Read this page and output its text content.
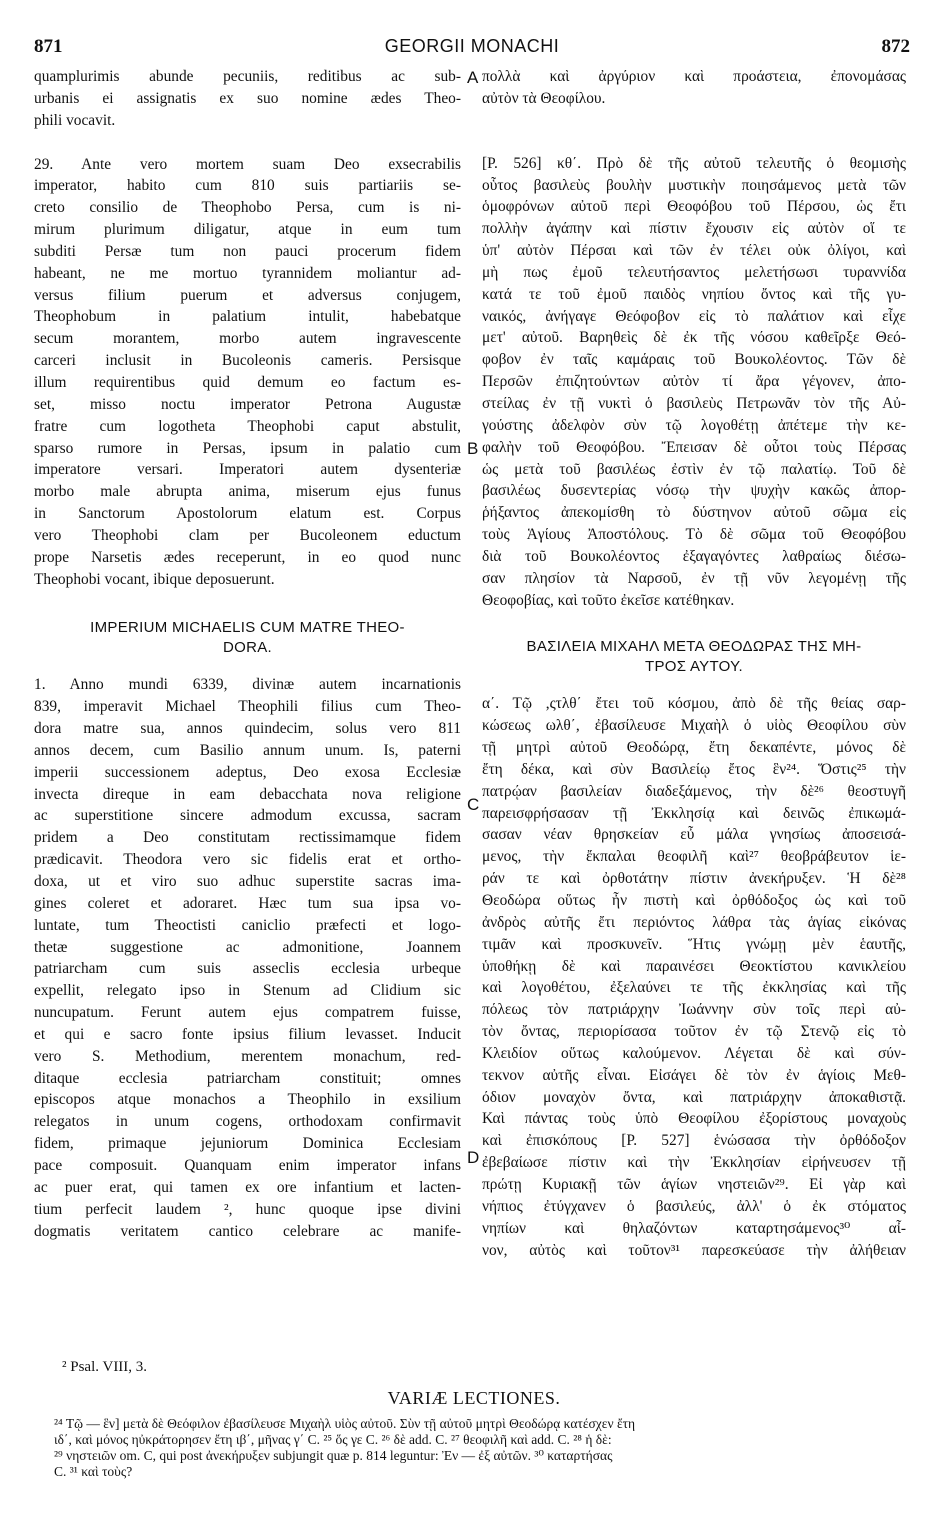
871	GEORGII MONACHI	872
A
B
C
D
quamplurimis abunde pecuniis, reditibus ac sub-
urbanis ei assignatis ex suo nomine ædes Theo-
phili vocavit.
29. Ante vero mortem suam Deo exsecrabilis
imperator, habito cum 810 suis partiariis se-
creto consilio de Theophobo Persa, cum is ni-
mirum plurimum diligatur, atque in eum tum
subditi Persæ tum non pauci procerum fidem
habeant, ne me mortuo tyrannidem moliantur ad-
versus filium puerum et adversus conjugem,
Theophobum in palatium intulit, habebatque
secum morantem, morbo autem ingravescente
carceri inclusit in Bucoleonis cameris. Persisque
illum requirentibus quid demum eo factum es-
set, misso noctu imperator Petrona Augustæ
fratre cum logotheta Theophobi caput abstulit,
sparso rumore in Persas, ipsum in palatio cum
imperatore versari. Imperatori autem dysenteriæ
morbo male abrupta anima, miserum ejus funus
in Sanctorum Apostolorum elatum est. Corpus
vero Theophobi clam per Bucoleonem eductum
prope Narsetis ædes receperunt, in eo quod nunc
Theophobi vocant, ibique deposuerunt.
IMPERIUM MICHAELIS CUM MATRE THEO-
DORA.
1. Anno mundi 6339, divinæ autem incarnationis
839, imperavit Michael Theophili filius cum Theo-
dora matre sua, annos quindecim, solus vero 811
annos decem, cum Basilio annum unum. Is, paterni
imperii successionem adeptus, Deo exosa Ecclesiæ
invecta direque in eam debacchata nova religione
ac superstitione sincere admodum excussa, sacram
pridem a Deo constitutam rectissimamque fidem
prædicavit. Theodora vero sic fidelis erat et ortho-
doxa, ut et viro suo adhuc superstite sacras ima-
gines coleret et adoraret. Hæc tum sua ipsa vo-
luntate, tum Theoctisti caniclio præfecti et logo-
thetæ suggestione ac admonitione, Joannem
patriarcham cum suis asseclis ecclesia urbeque
expellit, relegato ipso in Stenum ad Clidium sic
nuncupatum. Ferunt autem ejus compatrem fuisse,
et qui e sacro fonte ipsius filium levasset. Inducit
vero S. Methodium, merentem monachum, red-
ditaque ecclesia patriarcham constituit; omnes
episcopos atque monachos a Theophilo in exsilium
relegatos in unum cogens, orthodoxam confirmavit
fidem, primaque jejuniorum Dominica Ecclesiam
pace composuit. Quanquam enim imperator infans
ac puer erat, qui tamen ex ore infantium et lacten-
tium perfecit laudem ², hunc quoque ipse divini
dogmatis veritatem cantico celebrare ac manife-
πολλὰ καὶ ἀργύριον καὶ προάστεια, ἐπονομάσας
αὐτὸν τὰ Θεοφίλου.
[P. 526] κθ΄. Πρὸ δὲ τῆς αὐτοῦ τελευτῆς ὁ θεομισὴς
οὗτος βασιλεὺς βουλὴν μυστικὴν ποιησάμενος μετὰ τῶν
ὁμοφρόνων αὐτοῦ περὶ Θεοφόβου τοῦ Πέρσου, ὡς ἔτι
πολλὴν ἀγάπην καὶ πίστιν ἔχουσιν εἰς αὐτὸν οἵ τε
ὑπ' αὐτὸν Πέρσαι καὶ τῶν ἐν τέλει οὐκ ὀλίγοι, καὶ
μὴ πως ἐμοῦ τελευτήσαντος μελετήσωσι τυραννίδα
κατά τε τοῦ ἐμοῦ παιδὸς νηπίου ὄντος καὶ τῆς γυ-
ναικός, ἀνήγαγε Θεόφοβον εἰς τὸ παλάτιον καὶ εἶχε
μετ' αὐτοῦ. Βαρηθεὶς δὲ ἐκ τῆς νόσου καθεῖρξε Θεό-
φοβον ἐν ταῖς καμάραις τοῦ Βουκολέοντος. Τῶν δὲ
Περσῶν ἐπιζητούντων αὐτὸν τί ἄρα γέγονεν, ἀπο-
στείλας ἐν τῇ νυκτὶ ὁ βασιλεὺς Πετρωνᾶν τὸν τῆς Αὐ-
γούστης ἀδελφὸν σὺν τῷ λογοθέτῃ ἀπέτεμε τὴν κε-
φαλὴν τοῦ Θεοφόβου. Ἔπεισαν δὲ οὗτοι τοὺς Πέρσας
ὡς μετὰ τοῦ βασιλέως ἐστὶν ἐν τῷ παλατίῳ. Τοῦ δὲ
βασιλέως δυσεντερίας νόσῳ τὴν ψυχὴν κακῶς ἀπορ-
ῥήξαντος ἀπεκομίσθη τὸ δύστηνον αὐτοῦ σῶμα εἰς
τοὺς Ἁγίους Ἀποστόλους. Τὸ δὲ σῶμα τοῦ Θεοφόβου
διὰ τοῦ Βουκολέοντος ἐξαγαγόντες λαθραίως διέσω-
σαν πλησίον τὰ Ναρσοῦ, ἐν τῇ νῦν λεγομένῃ τῆς
Θεοφοβίας, καὶ τοῦτο ἐκεῖσε κατέθηκαν.
ΒΑΣΙΛΕΙΑ ΜΙΧΑΗΛ ΜΕΤΑ ΘΕΟΔΩΡΑΣ ΤΗΣ ΜΗ-
ΤΡΟΣ ΑΥΤΟΥ.
α΄. Τῷ ,ςτλθ΄ ἔτει τοῦ κόσμου, ἀπὸ δὲ τῆς θείας σαρ-
κώσεως ωλθ΄, ἐβασίλευσε Μιχαὴλ ὁ υἱὸς Θεοφίλου σὺν
τῇ μητρὶ αὐτοῦ Θεοδώρᾳ, ἔτη δεκαπέντε, μόνος δὲ
ἔτη δέκα, καὶ σὺν Βασιλείῳ ἔτος ἓν²⁴. Ὅστις²⁵ τὴν
πατρῴαν βασιλείαν διαδεξάμενος, τὴν δὲ²⁶ θεοστυγῆ
παρεισφρήσασαν τῇ Ἐκκλησίᾳ καὶ δεινῶς ἐπικωμά-
σασαν νέαν θρησκείαν εὖ μάλα γνησίως ἀποσεισά-
μενος, τὴν ἔκπαλαι θεοφιλῆ καὶ²⁷ θεοβράβευτον ἱε-
ράν τε καὶ ὀρθοτάτην πίστιν ἀνεκήρυξεν. Ἡ δὲ²⁸
Θεοδώρα οὕτως ἦν πιστὴ καὶ ὀρθόδοξος ὡς καὶ τοῦ
ἀνδρὸς αὐτῆς ἔτι περιόντος λάθρα τὰς ἁγίας εἰκόνας
τιμᾶν καὶ προσκυνεῖν. Ἥτις γνώμῃ μὲν ἑαυτῆς,
ὑποθήκῃ δὲ καὶ παραινέσει Θεοκτίστου κανικλείου
καὶ λογοθέτου, ἐξελαύνει τε τῆς ἐκκλησίας καὶ τῆς
πόλεως τὸν πατριάρχην Ἰωάννην σὺν τοῖς περὶ αὐ-
τὸν ὄντας, περιορίσασα τοῦτον ἐν τῷ Στενῷ εἰς τὸ
Κλειδίον οὕτως καλούμενον. Λέγεται δὲ καὶ σύν-
τεκνον αὐτῆς εἶναι. Εἰσάγει δὲ τὸν ἐν ἁγίοις Μεθ-
όδιον μοναχὸν ὄντα, καὶ πατριάρχην ἀποκαθιστᾷ.
Καὶ πάντας τοὺς ὑπὸ Θεοφίλου ἐξορίστους μοναχοὺς
καὶ ἐπισκόπους [P. 527] ἑνώσασα τὴν ὀρθόδοξον
ἐβεβαίωσε πίστιν καὶ τὴν Ἐκκλησίαν εἰρήνευσεν τῇ
πρώτῃ Κυριακῇ τῶν ἁγίων νηστειῶν²⁹. Εἰ γὰρ καὶ
νήπιος ἐτύγχανεν ὁ βασιλεύς, ἀλλ' ὁ ἐκ στόματος
νηπίων καὶ θηλαζόντων καταρτησάμενος³⁰ αἶ-
νον, αὐτὸς καὶ τοῦτον³¹ παρεσκεύασε τὴν ἀλήθειαν
² Psal. VIII, 3.
VARIÆ LECTIONES.
²⁴ Τῷ — ἓν] μετὰ δὲ Θεόφιλον ἐβασίλευσε Μιχαὴλ υἱὸς αὐτοῦ. Σὺν τῇ αὐτοῦ μητρὶ Θεοδώρᾳ κατέσχεν ἔτη
ιδ΄, καὶ μόνος ηὐκράτορησεν ἔτη ιβ΄, μῆνας γ΄ C. ²⁵ ὅς γε C. ²⁶ δὲ add. C. ²⁷ θεοφιλῆ καὶ add. C. ²⁸ ἡ δὲ:
²⁹ νηστειῶν om. C, qui post ἀνεκήρυξεν subjungit quæ p. 814 leguntur: Ἐν — ἐξ αὐτῶν. ³⁰ καταρτήσας
C. ³¹ καὶ τοὺς?
